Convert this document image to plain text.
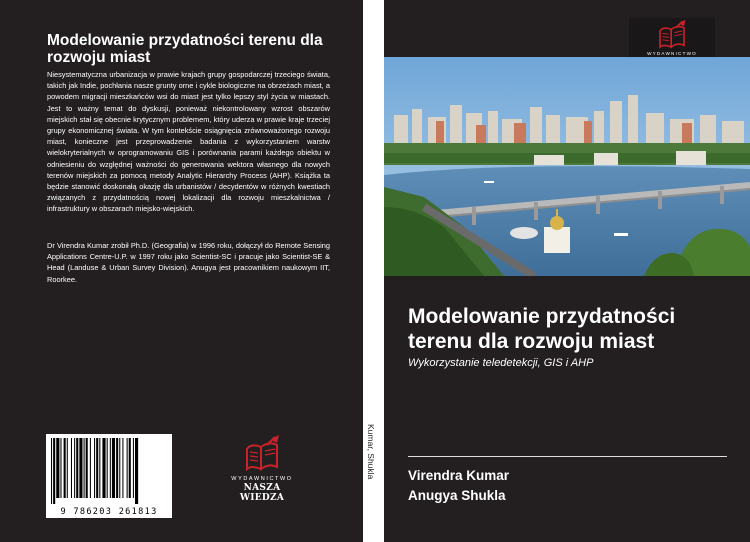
Modelowanie przydatności terenu dla rozwoju miast
Niesystematyczna urbanizacja w prawie krajach grupy gospodarczej trzeciego świata, takich jak Indie, pochłania nasze grunty orne i cykle biologiczne na obrzeżach miast, a powodem migracji mieszkańców wsi do miast jest tylko lepszy styl życia w miastach. Jest to ważny temat do dyskusji, ponieważ niekontrolowany wzrost obszarów miejskich stał się obecnie krytycznym problemem, który uderza w prawie kraje trzeciej grupy ekonomicznej świata. W tym kontekście osiągnięcia zrównoważonego rozwoju miast, konieczne jest przeprowadzenie badania z wykorzystaniem warstw wielokryterialnych w oprogramowaniu GIS i porównania parami każdego obiektu w odniesieniu do względnej ważności do generowania wektora własnego dla nowych terenów miejskich za pomocą metody Analytic Hierarchy Process (AHP). Książka ta będzie stanowić doskonałą okazję dla urbanistów / decydentów w różnych kwestiach związanych z przydatnością nowej lokalizacji dla rozwoju mieszkalnictwa / infrastruktury w obszarach miejsko-wiejskich.
Dr Virendra Kumar zrobił Ph.D. (Geografia) w 1996 roku, dołączył do Remote Sensing Applications Centre-U.P. w 1997 roku jako Scientist-SC i pracuje jako Scientist-SE & Head (Landuse & Urban Survey Division). Anugya jest pracownikiem naukowym IIT, Roorkee.
9 786203 261813
WYDAWNICTWO
NASZA WIEDZA
Kumar, Shukla
WYDAWNICTWO
Modelowanie przydatności terenu dla rozwoju miast
Wykorzystanie teledetekcji, GIS i AHP
Virendra Kumar
Anugya Shukla
